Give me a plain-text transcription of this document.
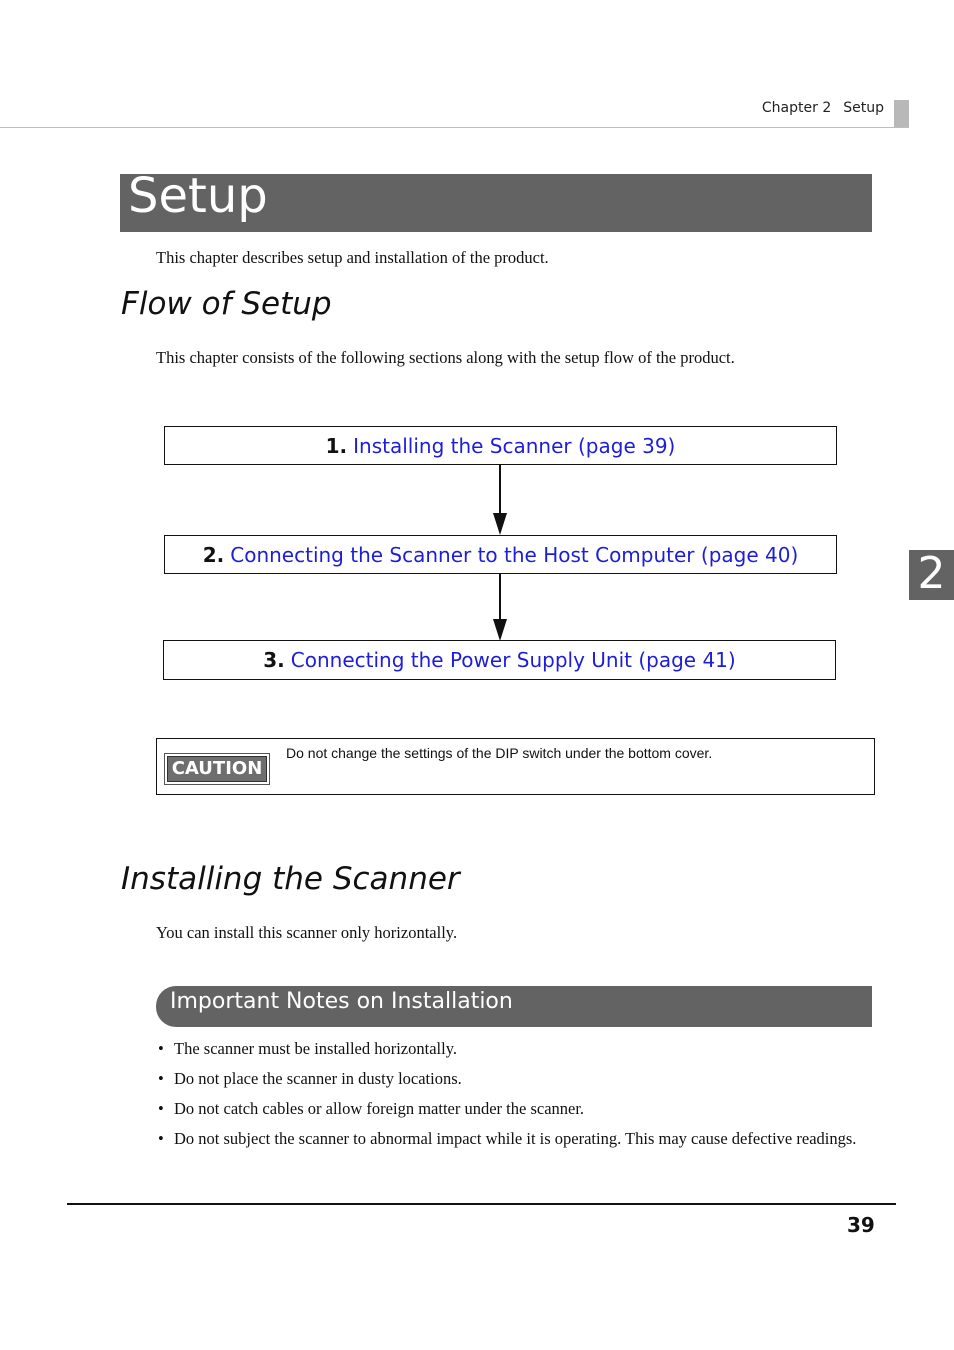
Chapter 2 Setup
Setup
This chapter describes setup and installation of the product.
Flow of Setup
This chapter consists of the following sections along with the setup flow of the product.
1. Installing the Scanner (page 39)
2. Connecting the Scanner to the Host Computer (page 40)
3. Connecting the Power Supply Unit (page 41)
2
CAUTION
Do not change the settings of the DIP switch under the bottom cover.
Installing the Scanner
You can install this scanner only horizontally.
Important Notes on Installation
• The scanner must be installed horizontally.
• Do not place the scanner in dusty locations.
• Do not catch cables or allow foreign matter under the scanner.
• Do not subject the scanner to abnormal impact while it is operating. This may cause defective readings.
39
